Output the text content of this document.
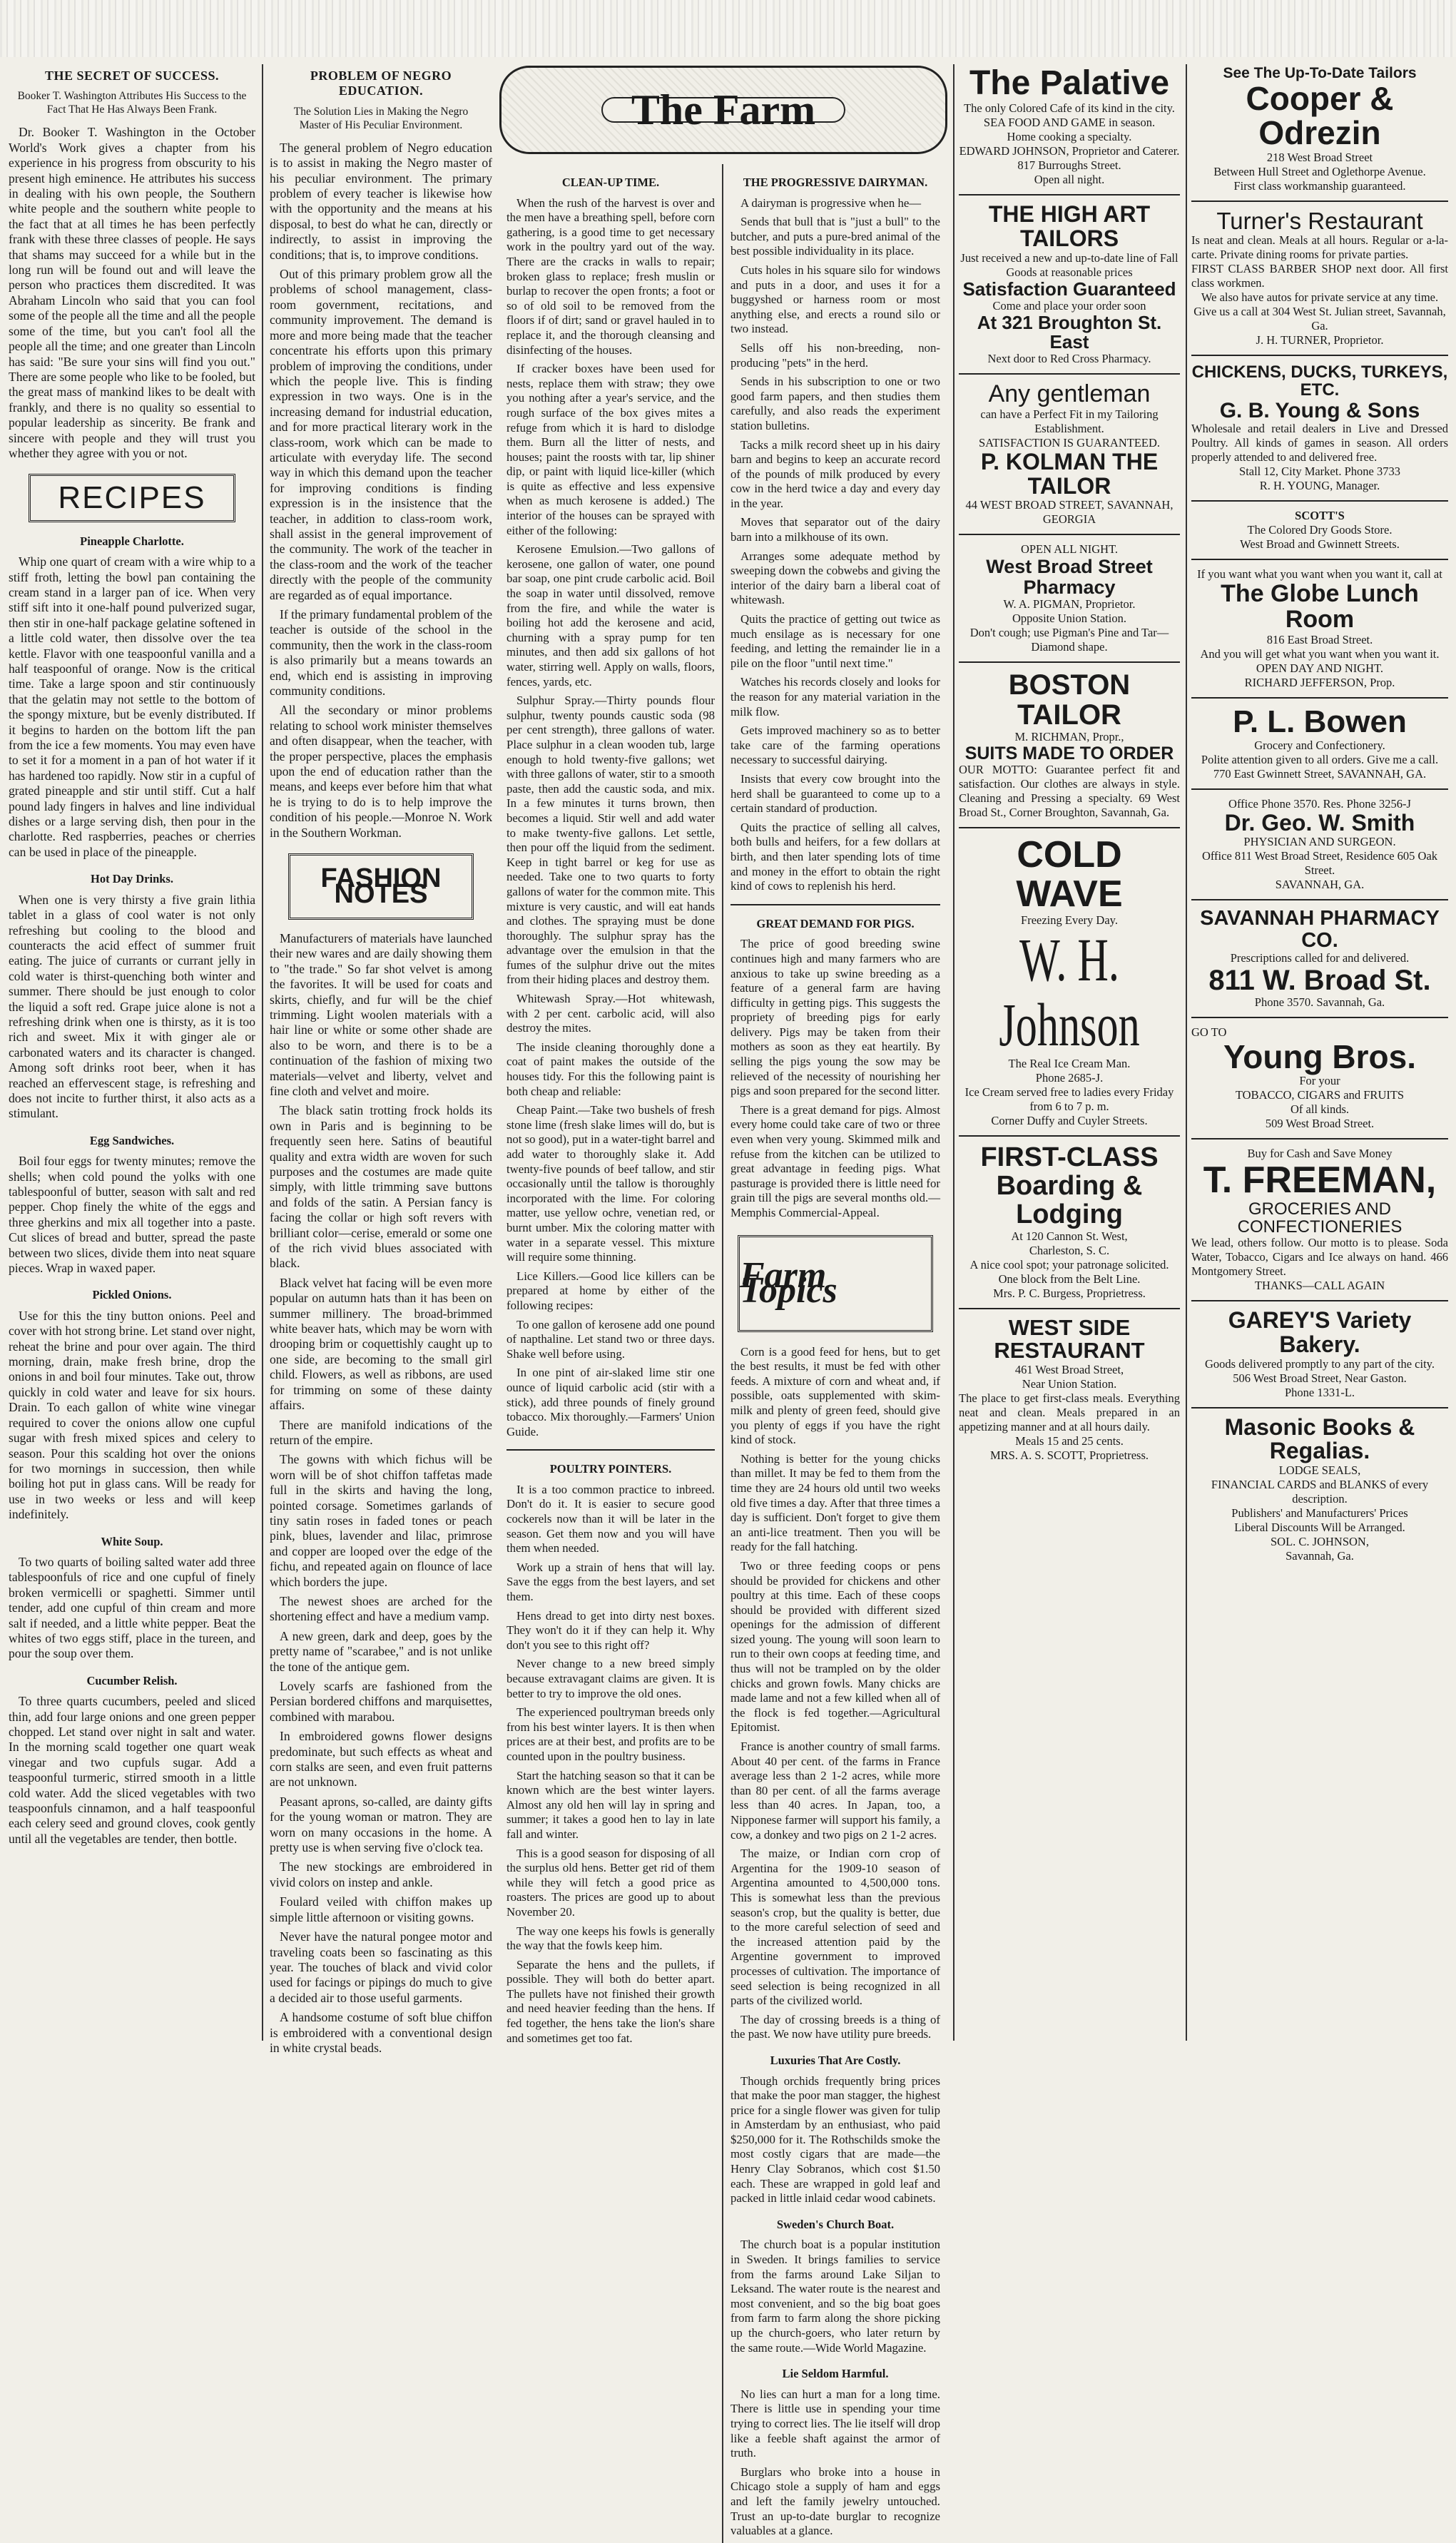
THE SECRET OF SUCCESS.
Booker T. Washington Attributes His Success to the Fact That He Has Always Been Frank.

Dr. Booker T. Washington in the October World's Work gives a chapter from his experience in his progress from obscurity to his present high eminence. He attributes his success in dealing with his own people, the Southern white people and the southern white people to the fact that at all times he has been perfectly frank with these three classes of people. He says that shams may succeed for a while but in the long run will be found out and will leave the person who practices them discredited. It was Abraham Lincoln who said that you can fool some of the people all the time and all the people some of the time, but you can't fool all the people all the time; and one greater than Lincoln has said: "Be sure your sins will find you out." There are some people who like to be fooled, but the great mass of mankind likes to be dealt with frankly, and there is no quality so essential to popular leadership as sincerity. Be frank and sincere with people and they will trust you whether they agree with you or not.

RECIPES
Pineapple Charlotte.

Whip one quart of cream with a wire whip to a stiff froth, letting the bowl pan containing the cream stand in a larger pan of ice. When very stiff sift into it one-half pound pulverized sugar, then stir in one-half package gelatine softened in a little cold water, then dissolve over the tea kettle. Flavor with one teaspoonful vanilla and a half teaspoonful of orange. Now is the critical time. Take a large spoon and stir continuously that the gelatin may not settle to the bottom of the spongy mixture, but be evenly distributed. If it begins to harden on the bottom lift the pan from the ice a few moments. You may even have to set it for a moment in a pan of hot water if it has hardened too rapidly. Now stir in a cupful of grated pineapple and stir until stiff. Cut a half pound lady fingers in halves and line individual dishes or a large serving dish, then pour in the charlotte. Red raspberries, peaches or cherries can be used in place of the pineapple.

Hot Day Drinks.

When one is very thirsty a five grain lithia tablet in a glass of cool water is not only refreshing but cooling to the blood and counteracts the acid effect of summer fruit eating. The juice of currants or currant jelly in cold water is thirst-quenching both winter and summer. There should be just enough to color the liquid a soft red. Grape juice alone is not a refreshing drink when one is thirsty, as it is too rich and sweet. Mix it with ginger ale or carbonated waters and its character is changed. Among soft drinks root beer, when it has reached an effervescent stage, is refreshing and does not incite to further thirst, it also acts as a stimulant.

Egg Sandwiches.

Boil four eggs for twenty minutes; remove the shells; when cold pound the yolks with one tablespoonful of butter, season with salt and red pepper. Chop finely the white of the eggs and three gherkins and mix all together into a paste. Cut slices of bread and butter, spread the paste between two slices, divide them into neat square pieces. Wrap in waxed paper.

Pickled Onions.

Use for this the tiny button onions. Peel and cover with hot strong brine. Let stand over night, reheat the brine and pour over again. The third morning, drain, make fresh brine, drop the onions in and boil four minutes. Take out, throw quickly in cold water and leave for six hours. Drain. To each gallon of white wine vinegar required to cover the onions allow one cupful sugar with fresh mixed spices and celery to season. Pour this scalding hot over the onions for two mornings in succession, then while boiling hot put in glass cans. Will be ready for use in two weeks or less and will keep indefinitely.

White Soup.

To two quarts of boiling salted water add three tablespoonfuls of rice and one cupful of finely broken vermicelli or spaghetti. Simmer until tender, add one cupful of thin cream and more salt if needed, and a little white pepper. Beat the whites of two eggs stiff, place in the tureen, and pour the soup over them.

Cucumber Relish.

To three quarts cucumbers, peeled and sliced thin, add four large onions and one green pepper chopped. Let stand over night in salt and water. In the morning scald together one quart weak vinegar and two cupfuls sugar. Add a teaspoonful turmeric, stirred smooth in a little cold water. Add the sliced vegetables with two teaspoonfuls cinnamon, and a half teaspoonful each celery seed and ground cloves, cook gently until all the vegetables are tender, then bottle.

PROBLEM OF NEGRO EDUCATION.
The Solution Lies in Making the Negro Master of His Peculiar Environment.

The general problem of Negro education is to assist in making the Negro master of his peculiar environment. The primary problem of every teacher is likewise how with the opportunity and the means at his disposal, to best do what he can, directly or indirectly, to assist in improving the conditions; that is, to improve conditions.

Out of this primary problem grow all the problems of school management, class-room government, recitations, and community improvement. The demand is more and more being made that the teacher concentrate his efforts upon this primary problem of improving the conditions, under which the people live. This is finding expression in two ways. One is in the increasing demand for industrial education, and for more practical literary work in the class-room, work which can be made to articulate with everyday life. The second way in which this demand upon the teacher for improving conditions is finding expression is in the insistence that the teacher, in addition to class-room work, shall assist in the general improvement of the community. The work of the teacher in the class-room and the work of the teacher directly with the people of the community are regarded as of equal importance.

If the primary fundamental problem of the teacher is outside of the school in the community, then the work in the class-room is also primarily but a means towards an end, which end is assisting in improving community conditions.

All the secondary or minor problems relating to school work minister themselves and often disappear, when the teacher, with the proper perspective, places the emphasis upon the end of education rather than the means, and keeps ever before him that what he is trying to do is to help improve the condition of his people.—Monroe N. Work in the Southern Workman.

FASHION NOTES

Manufacturers of materials have launched their new wares and are daily showing them to "the trade." So far shot velvet is among the favorites. It will be used for coats and skirts, chiefly, and fur will be the chief trimming. Light woolen materials with a hair line or white or some other shade are also to be worn, and there is to be a continuation of the fashion of mixing two materials—velvet and liberty, velvet and fine cloth and velvet and moire.

The black satin trotting frock holds its own in Paris and is beginning to be frequently seen here. Satins of beautiful quality and extra width are woven for such purposes and the costumes are made quite simply, with little trimming save buttons and folds of the satin. A Persian fancy is facing the collar or high soft revers with brilliant color—cerise, emerald or some one of the rich vivid blues associated with black.

Black velvet hat facing will be even more popular on autumn hats than it has been on summer millinery. The broad-brimmed white beaver hats, which may be worn with drooping brim or coquettishly caught up to one side, are becoming to the small girl child. Flowers, as well as ribbons, are used for trimming on some of these dainty affairs.

There are manifold indications of the return of the empire.

The gowns with which fichus will be worn will be of shot chiffon taffetas made full in the skirts and having the long, pointed corsage. Sometimes garlands of tiny satin roses in faded tones or peach pink, blues, lavender and lilac, primrose and copper are looped over the edge of the fichu, and repeated again on flounce of lace which borders the jupe.

The newest shoes are arched for the shortening effect and have a medium vamp.

A new green, dark and deep, goes by the pretty name of "scarabee," and is not unlike the tone of the antique gem.

Lovely scarfs are fashioned from the Persian bordered chiffons and marquisettes, combined with marabou.

In embroidered gowns flower designs predominate, but such effects as wheat and corn stalks are seen, and even fruit patterns are not unknown.

Peasant aprons, so-called, are dainty gifts for the young woman or matron. They are worn on many occasions in the home. A pretty use is when serving five o'clock tea.

The new stockings are embroidered in vivid colors on instep and ankle.

Foulard veiled with chiffon makes up simple little afternoon or visiting gowns.

Never have the natural pongee motor and traveling coats been so fascinating as this year. The touches of black and vivid color used for facings or pipings do much to give a decided air to those useful garments.

A handsome costume of soft blue chiffon is embroidered with a conventional design in white crystal beads.

The Farm
CLEAN-UP TIME.

When the rush of the harvest is over and the men have a breathing spell, before corn gathering, is a good time to get necessary work in the poultry yard out of the way. There are the cracks in walls to repair; broken glass to replace; fresh muslin or burlap to recover the open fronts; a foot or so of old soil to be removed from the floors if of dirt; sand or gravel hauled in to replace it, and the thorough cleansing and disinfecting of the houses.

If cracker boxes have been used for nests, replace them with straw; they owe you nothing after a year's service, and the rough surface of the box gives mites a refuge from which it is hard to dislodge them. Burn all the litter of nests, and houses; paint the roosts with tar, lip shiner dip, or paint with liquid lice-killer (which is quite as effective and less expensive when as much kerosene is added.) The interior of the houses can be sprayed with either of the following:

Kerosene Emulsion.—Two gallons of kerosene, one gallon of water, one pound bar soap, one pint crude carbolic acid. Boil the soap in water until dissolved, remove from the fire, and while the water is boiling hot add the kerosene and acid, churning with a spray pump for ten minutes, and then add six gallons of hot water, stirring well. Apply on walls, floors, fences, yards, etc.

Sulphur Spray.—Thirty pounds flour sulphur, twenty pounds caustic soda (98 per cent strength), three gallons of water. Place sulphur in a clean wooden tub, large enough to hold twenty-five gallons; wet with three gallons of water, stir to a smooth paste, then add the caustic soda, and mix. In a few minutes it turns brown, then becomes a liquid. Stir well and add water to make twenty-five gallons. Let settle, then pour off the liquid from the sediment. Keep in tight barrel or keg for use as needed. Take one to two quarts to forty gallons of water for the common mite. This mixture is very caustic, and will eat hands and clothes. The spraying must be done thoroughly. The sulphur spray has the advantage over the emulsion in that the fumes of the sulphur drive out the mites from their hiding places and destroy them.

Whitewash Spray.—Hot whitewash, with 2 per cent. carbolic acid, will also destroy the mites.

The inside cleaning thoroughly done a coat of paint makes the outside of the houses tidy. For this the following paint is both cheap and reliable:

Cheap Paint.—Take two bushels of fresh stone lime (fresh slake limes will do, but is not so good), put in a water-tight barrel and add water to thoroughly slake it. Add twenty-five pounds of beef tallow, and stir occasionally until the tallow is thoroughly incorporated with the lime. For coloring matter, use yellow ochre, venetian red, or burnt umber. Mix the coloring matter with water in a separate vessel. This mixture will require some thinning.

Lice Killers.—Good lice killers can be prepared at home by either of the following recipes:

To one gallon of kerosene add one pound of napthaline. Let stand two or three days. Shake well before using.

In one pint of air-slaked lime stir one ounce of liquid carbolic acid (stir with a stick), add three pounds of finely ground tobacco. Mix thoroughly.—Farmers' Union Guide.

POULTRY POINTERS.

It is a too common practice to inbreed. Don't do it. It is easier to secure good cockerels now than it will be later in the season. Get them now and you will have them when needed.

Work up a strain of hens that will lay. Save the eggs from the best layers, and set them.

Hens dread to get into dirty nest boxes. They won't do it if they can help it. Why don't you see to this right off?

Never change to a new breed simply because extravagant claims are given. It is better to try to improve the old ones.

The experienced poultryman breeds only from his best winter layers. It is then when prices are at their best, and profits are to be counted upon in the poultry business.

Start the hatching season so that it can be known which are the best winter layers. Almost any old hen will lay in spring and summer; it takes a good hen to lay in late fall and winter.

This is a good season for disposing of all the surplus old hens. Better get rid of them while they will fetch a good price as roasters. The prices are good up to about November 20.

The way one keeps his fowls is generally the way that the fowls keep him.

Separate the hens and the pullets, if possible. They will both do better apart. The pullets have not finished their growth and need heavier feeding than the hens. If fed together, the hens take the lion's share and sometimes get too fat.

THE PROGRESSIVE DAIRYMAN.

A dairyman is progressive when he—

Sends that bull that is "just a bull" to the butcher, and puts a pure-bred animal of the best possible individuality in its place.

Cuts holes in his square silo for windows and puts in a door, and uses it for a buggyshed or harness room or most anything else, and erects a round silo or two instead.

Sells off his non-breeding, non-producing "pets" in the herd.

Sends in his subscription to one or two good farm papers, and then studies them carefully, and also reads the experiment station bulletins.

Tacks a milk record sheet up in his dairy barn and begins to keep an accurate record of the pounds of milk produced by every cow in the herd twice a day and every day in the year.

Moves that separator out of the dairy barn into a milkhouse of its own.

Arranges some adequate method by sweeping down the cobwebs and giving the interior of the dairy barn a liberal coat of whitewash.

Quits the practice of getting out twice as much ensilage as is necessary for one feeding, and letting the remainder lie in a pile on the floor "until next time."

Watches his records closely and looks for the reason for any material variation in the milk flow.

Gets improved machinery so as to better take care of the farming operations necessary to successful dairying.

Insists that every cow brought into the herd shall be guaranteed to come up to a certain standard of production.

Quits the practice of selling all calves, both bulls and heifers, for a few dollars at birth, and then later spending lots of time and money in the effort to obtain the right kind of cows to replenish his herd.

GREAT DEMAND FOR PIGS.

The price of good breeding swine continues high and many farmers who are anxious to take up swine breeding as a feature of a general farm are having difficulty in getting pigs. This suggests the propriety of breeding pigs for early delivery. Pigs may be taken from their mothers as soon as they eat heartily. By selling the pigs young the sow may be relieved of the necessity of nourishing her pigs and soon prepared for the second litter.

There is a great demand for pigs. Almost every home could take care of two or three even when very young. Skimmed milk and refuse from the kitchen can be utilized to great advantage in feeding pigs. What pasturage is provided there is little need for grain till the pigs are several months old.—Memphis Commercial-Appeal.

Farm Topics

Corn is a good feed for hens, but to get the best results, it must be fed with other feeds. A mixture of corn and wheat and, if possible, oats supplemented with skim-milk and plenty of green feed, should give you plenty of eggs if you have the right kind of stock.

Nothing is better for the young chicks than millet. It may be fed to them from the time they are 24 hours old until two weeks old five times a day. After that three times a day is sufficient. Don't forget to give them an anti-lice treatment. Then you will be ready for the fall hatching.

Two or three feeding coops or pens should be provided for chickens and other poultry at this time. Each of these coops should be provided with different sized openings for the admission of different sized young. The young will soon learn to run to their own coops at feeding time, and thus will not be trampled on by the older chicks and grown fowls. Many chicks are made lame and not a few killed when all of the flock is fed together.—Agricultural Epitomist.

France is another country of small farms. About 40 per cent. of the farms in France average less than 2 1-2 acres, while more than 80 per cent. of all the farms average less than 40 acres. In Japan, too, a Nipponese farmer will support his family, a cow, a donkey and two pigs on 2 1-2 acres.

The maize, or Indian corn crop of Argentina for the 1909-10 season of Argentina amounted to 4,500,000 tons. This is somewhat less than the previous season's crop, but the quality is better, due to the more careful selection of seed and the increased attention paid by the Argentine government to improved processes of cultivation. The importance of seed selection is being recognized in all parts of the civilized world.

The day of crossing breeds is a thing of the past. We now have utility pure breeds.

Luxuries That Are Costly.

Though orchids frequently bring prices that make the poor man stagger, the highest price for a single flower was given for tulip in Amsterdam by an enthusiast, who paid $250,000 for it. The Rothschilds smoke the most costly cigars that are made—the Henry Clay Sobranos, which cost $1.50 each. These are wrapped in gold leaf and packed in little inlaid cedar wood cabinets.

Sweden's Church Boat.

The church boat is a popular institution in Sweden. It brings families to service from the farms around Lake Siljan to Leksand. The water route is the nearest and most convenient, and so the big boat goes from farm to farm along the shore picking up the church-goers, who later return by the same route.—Wide World Magazine.

Lie Seldom Harmful.

No lies can hurt a man for a long time. There is little use in spending your time trying to correct lies. The lie itself will drop like a feeble shaft against the armor of truth.

Burglars who broke into a house in Chicago stole a supply of ham and eggs and left the family jewelry untouched. Trust an up-to-date burglar to recognize valuables at a glance.

The Palative
The only Colored Cafe of its kind in the city.
SEA FOOD AND GAME in season.
Home cooking a specialty.
EDWARD JOHNSON, Proprietor and Caterer.
817 Burroughs Street.
Open all night.
THE HIGH ART TAILORS
Just received a new and up-to-date line of Fall Goods at reasonable prices
Satisfaction Guaranteed
Come and place your order soon
At 321 Broughton St. East
Next door to Red Cross Pharmacy.
Any gentleman
can have a Perfect Fit in my Tailoring Establishment.
SATISFACTION IS GUARANTEED.
P. KOLMAN THE TAILOR
44 WEST BROAD STREET, SAVANNAH, GEORGIA
OPEN ALL NIGHT.
West Broad Street Pharmacy
W. A. PIGMAN, Proprietor.
Opposite Union Station.
Don't cough; use Pigman's Pine and Tar—Diamond shape.
BOSTON TAILOR
M. RICHMAN, Propr.,
SUITS MADE TO ORDER
OUR MOTTO: Guarantee perfect fit and satisfaction. Our clothes are always in style. Cleaning and Pressing a specialty. 69 West Broad St., Corner Broughton, Savannah, Ga.
COLD WAVE
Freezing Every Day.
W. H. Johnson
The Real Ice Cream Man.
Phone 2685-J.
Ice Cream served free to ladies every Friday from 6 to 7 p. m.
Corner Duffy and Cuyler Streets.
FIRST-CLASS
Boarding & Lodging
At 120 Cannon St. West,
Charleston, S. C.
A nice cool spot; your patronage solicited.
One block from the Belt Line.
Mrs. P. C. Burgess, Proprietress.
WEST SIDE RESTAURANT
461 West Broad Street,
Near Union Station.
The place to get first-class meals. Everything neat and clean. Meals prepared in an appetizing manner and at all hours daily.
Meals 15 and 25 cents.
MRS. A. S. SCOTT, Proprietress.
See The Up-To-Date Tailors
Cooper & Odrezin
218 West Broad Street
Between Hull Street and Oglethorpe Avenue.
First class workmanship guaranteed.
Turner's Restaurant
Is neat and clean. Meals at all hours. Regular or a-la-carte. Private dining rooms for private parties.
FIRST CLASS BARBER SHOP next door. All first class workmen.
We also have autos for private service at any time.
Give us a call at 304 West St. Julian street, Savannah, Ga.
J. H. TURNER, Proprietor.
CHICKENS, DUCKS, TURKEYS, ETC.
G. B. Young & Sons
Wholesale and retail dealers in Live and Dressed Poultry. All kinds of games in season. All orders properly attended to and delivered free.
Stall 12, City Market. Phone 3733
R. H. YOUNG, Manager.
SCOTT'S
The Colored Dry Goods Store.
West Broad and Gwinnett Streets.
If you want what you want when you want it, call at
The Globe Lunch Room
816 East Broad Street.
And you will get what you want when you want it.
OPEN DAY AND NIGHT.
RICHARD JEFFERSON, Prop.
P. L. Bowen
Grocery and Confectionery.
Polite attention given to all orders. Give me a call.
770 East Gwinnett Street, SAVANNAH, GA.
Office Phone 3570. Res. Phone 3256-J
Dr. Geo. W. Smith
PHYSICIAN AND SURGEON.
Office 811 West Broad Street, Residence 605 Oak Street.
SAVANNAH, GA.
SAVANNAH PHARMACY CO.
Prescriptions called for and delivered.
811 W. Broad St.
Phone 3570. Savannah, Ga.
GO TO
Young Bros.
For your
TOBACCO, CIGARS and FRUITS
Of all kinds.
509 West Broad Street.
Buy for Cash and Save Money
T. FREEMAN,
GROCERIES AND CONFECTIONERIES
We lead, others follow. Our motto is to please. Soda Water, Tobacco, Cigars and Ice always on hand. 466 Montgomery Street.
THANKS—CALL AGAIN
GAREY'S Variety Bakery.
Goods delivered promptly to any part of the city.
506 West Broad Street, Near Gaston.
Phone 1331-L.
Masonic Books & Regalias.
LODGE SEALS,
FINANCIAL CARDS and BLANKS of every description.
Publishers' and Manufacturers' Prices
Liberal Discounts Will be Arranged.
SOL. C. JOHNSON,
Savannah, Ga.
